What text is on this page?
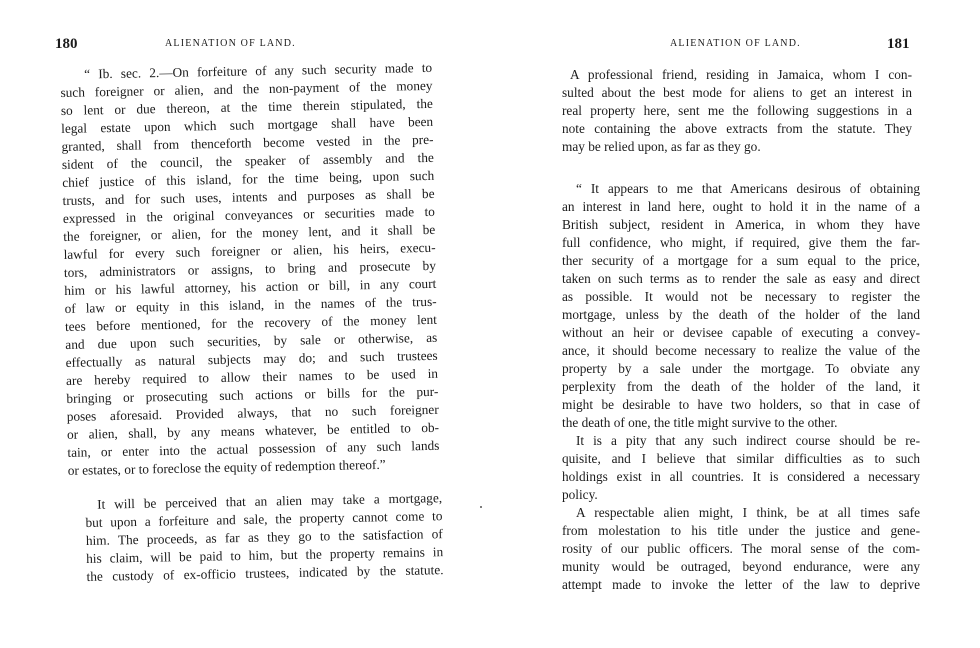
180	ALIENATION OF LAND.
“ Ib. sec. 2.—On forfeiture of any such security made to
such foreigner or alien, and the non-payment of the money
so lent or due thereon, at the time therein stipulated, the
legal estate upon which such mortgage shall have been
granted, shall from thenceforth become vested in the pre-
sident of the council, the speaker of assembly and the
chief justice of this island, for the time being, upon such
trusts, and for such uses, intents and purposes as shall be
expressed in the original conveyances or securities made to
the foreigner, or alien, for the money lent, and it shall be
lawful for every such foreigner or alien, his heirs, execu-
tors, administrators or assigns, to bring and prosecute by
him or his lawful attorney, his action or bill, in any court
of law or equity in this island, in the names of the trus-
tees before mentioned, for the recovery of the money lent
and due upon such securities, by sale or otherwise, as
effectually as natural subjects may do; and such trustees
are hereby required to allow their names to be used in
bringing or prosecuting such actions or bills for the pur-
poses aforesaid. Provided always, that no such foreigner
or alien, shall, by any means whatever, be entitled to ob-
tain, or enter into the actual possession of any such lands
or estates, or to foreclose the equity of redemption thereof.”
It will be perceived that an alien may take a mortgage,
but upon a forfeiture and sale, the property cannot come to
him. The proceeds, as far as they go to the satisfaction of
his claim, will be paid to him, but the property remains in
the custody of ex-officio trustees, indicated by the statute.
181
ALIENATION OF LAND.
A professional friend, residing in Jamaica, whom I con-
sulted about the best mode for aliens to get an interest in
real property here, sent me the following suggestions in a
note containing the above extracts from the statute. They
may be relied upon, as far as they go.
“ It appears to me that Americans desirous of obtaining
an interest in land here, ought to hold it in the name of a
British subject, resident in America, in whom they have
full confidence, who might, if required, give them the far-
ther security of a mortgage for a sum equal to the price,
taken on such terms as to render the sale as easy and direct
as possible. It would not be necessary to register the
mortgage, unless by the death of the holder of the land
without an heir or devisee capable of executing a convey-
ance, it should become necessary to realize the value of the
property by a sale under the mortgage. To obviate any
perplexity from the death of the holder of the land, it
might be desirable to have two holders, so that in case of
the death of one, the title might survive to the other.
It is a pity that any such indirect course should be re-
quisite, and I believe that similar difficulties as to such
holdings exist in all countries. It is considered a necessary
policy.
A respectable alien might, I think, be at all times safe
from molestation to his title under the justice and gene-
rosity of our public officers. The moral sense of the com-
munity would be outraged, beyond endurance, were any
attempt made to invoke the letter of the law to deprive
